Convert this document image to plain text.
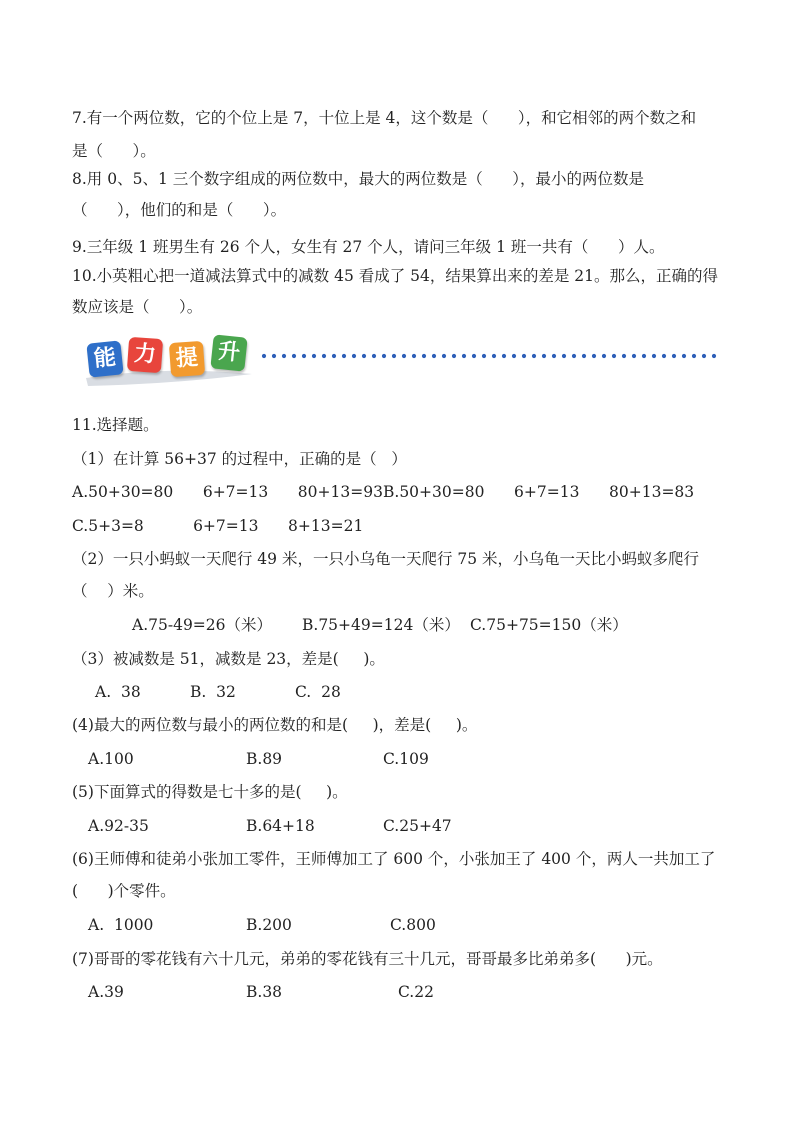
7.有一个两位数，它的个位上是 7，十位上是 4，这个数是（      ），和它相邻的两个数之和
是（      ）。
8.用 0、5、1 三个数字组成的两位数中，最大的两位数是（      ），最小的两位数是
（      ），他们的和是（      ）。
9.三年级 1 班男生有 26 个人，女生有 27 个人，请问三年级 1 班一共有（      ）人。
10.小英粗心把一道减法算式中的减数 45 看成了 54，结果算出来的差是 21。那么，正确的得
数应该是（      ）。
能 力 提 升
11.选择题。
（1）在计算 56+37 的过程中，正确的是（   ）
A.50+30=80      6+7=13      80+13=93 B.50+30=80      6+7=13      80+13=83
C.5+3=8          6+7=13      8+13=21
（2）一只小蚂蚁一天爬行 49 米，一只小乌龟一天爬行 75 米，小乌龟一天比小蚂蚁多爬行
（    ）米。
A.75-49=26（米） B.75+49=124（米） C.75+75=150（米）
（3）被减数是 51，减数是 23，差是(     )。
A.  38	B.  32	C.  28
(4)最大的两位数与最小的两位数的和是(     )，差是(     )。
A.100	B.89	C.109
(5)下面算式的得数是七十多的是(     )。
A.92-35	B.64+18	C.25+47
(6)王师傅和徒弟小张加工零件，王师傅加工了 600 个，小张加王了 400 个，两人一共加工了
(      )个零件。
A.  1000	B.200	C.800
(7)哥哥的零花钱有六十几元，弟弟的零花钱有三十几元，哥哥最多比弟弟多(      )元。
A.39	B.38	C.22
